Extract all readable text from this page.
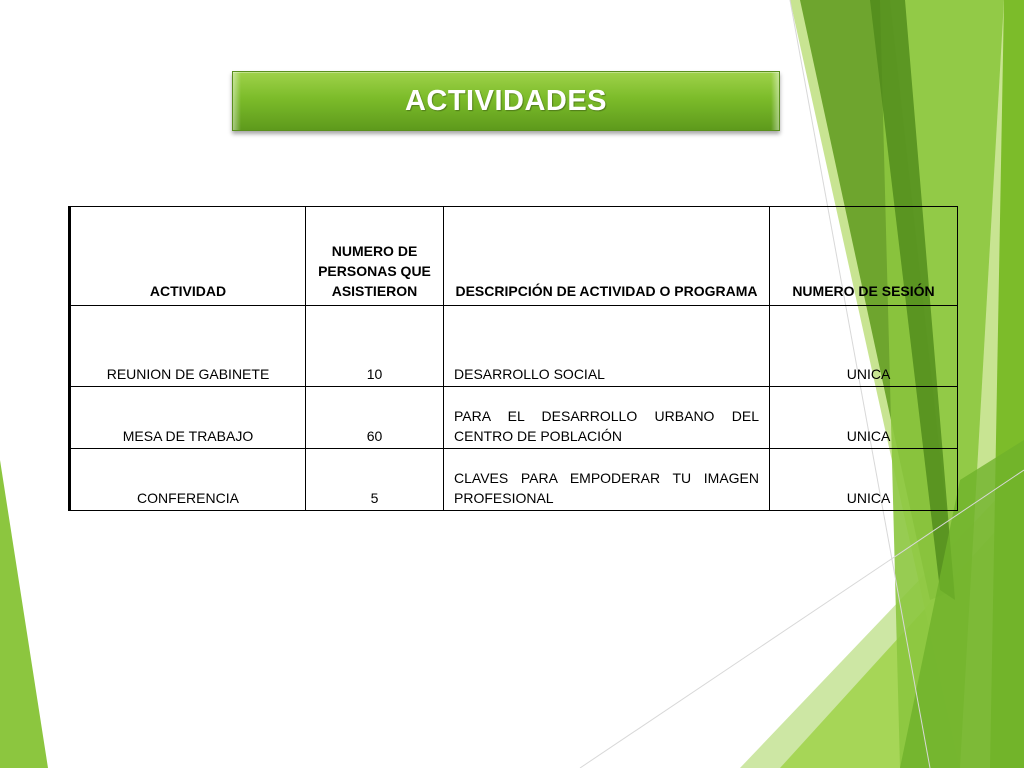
ACTIVIDADES
ACTIVIDAD	NUMERO DE PERSONAS QUE ASISTIERON	DESCRIPCIÓN DE ACTIVIDAD O PROGRAMA	NUMERO DE SESIÓN
REUNION DE GABINETE	10	DESARROLLO SOCIAL	UNICA
MESA DE TRABAJO	60	PARA EL DESARROLLO URBANO DEL CENTRO DE POBLACIÓN	UNICA
CONFERENCIA	5	CLAVES PARA EMPODERAR TU IMAGEN PROFESIONAL	UNICA
